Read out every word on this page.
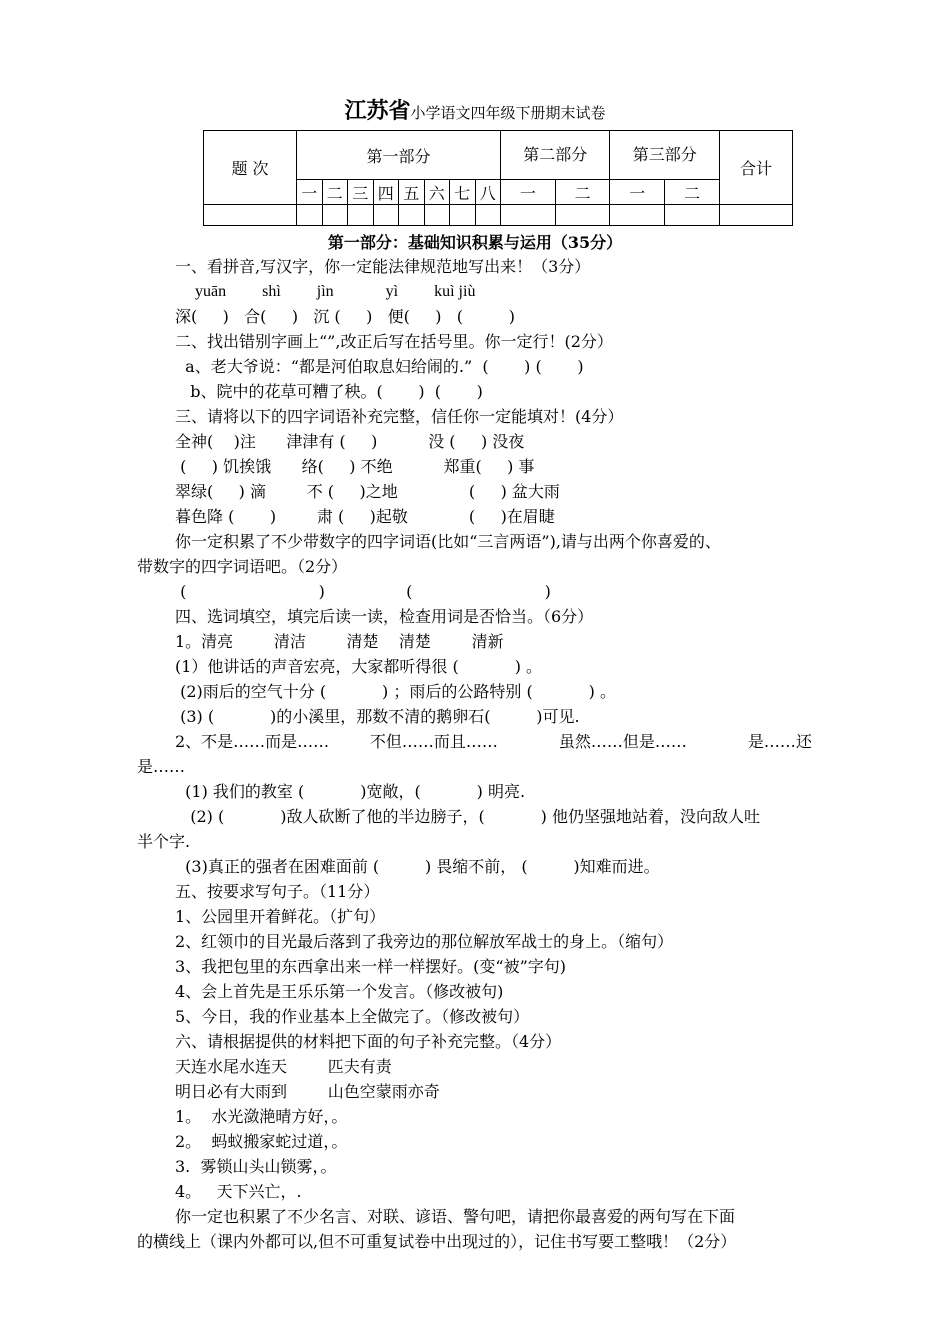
江苏省小学语文四年级下册期末试卷
题 次	第一部分								第二部分		第三部分		合计
	一	二	三	四	五	六	七	八	一	二	一	二	

第一部分：基础知识积累与运用（35分）
一、看拼音,写汉字，你一定能法律规范地写出来！（3分）
yuān         shì         jìn             yì         kuì jiù
深(     )   合(     )   沉 (     )   便(     )   (         )
二、找出错别字画上“”,改正后写在括号里。你一定行！(2分）
a、老大爷说：“都是河伯取息妇给闹的.”  (       ) (       )
b、院中的花草可糟了秧。(       )  (       )
三、请将以下的四字词语补充完整，信任你一定能填对！(4分）
全神(    )注      津津有 (     )          没 (     ) 没夜
(     ) 饥挨饿      络(     ) 不绝          郑重(     ) 事
翠绿(     ) 滴        不 (     )之地              (     ) 盆大雨
暮色降 (       )        肃 (     )起敬            (     )在眉睫
你一定积累了不少带数字的四字词语(比如“三言两语”),请与出两个你喜爱的、
带数字的四字词语吧。（2分）
(                          )                (                          )
四、选词填空，填完后读一读，检查用词是否恰当。（6分）
1。清亮        清洁        清楚    清楚        清新
(1）他讲话的声音宏亮，大家都听得很 (           ) 。
(2)雨后的空气十分 (           ) ；雨后的公路特别 (           ) 。
(3) (           )的小溪里，那数不清的鹅卵石(         )可见.
2、不是……而是……        不但……而且……            虽然……但是……            是……还
是……
(1) 我们的教室 (           )宽敞，(           ) 明亮.
(2) (           )敌人砍断了他的半边膀子，(           ) 他仍坚强地站着，没向敌人吐
半个字.
(3)真正的强者在困难面前 (         ) 畏缩不前， (         )知难而进。
五、按要求写句子。（11分）
1、公园里开着鲜花。（扩句）
2、红领巾的目光最后落到了我旁边的那位解放军战士的身上。（缩句）
3、我把包里的东西拿出来一样一样摆好。(变“被”字句)
4、会上首先是王乐乐第一个发言。（修改被句)
5、今日，我的作业基本上全做完了。（修改被句）
六、请根据提供的材料把下面的句子补充完整。（4分）
天连水尾水连天        匹夫有责
明日必有大雨到        山色空蒙雨亦奇
1。  水光潋滟晴方好，。
2。  蚂蚁搬家蛇过道，。
3.  雾锁山头山锁雾，。
4。   天下兴亡，.
你一定也积累了不少名言、对联、谚语、警句吧，请把你最喜爱的两句写在下面
的横线上（课内外都可以,但不可重复试卷中出现过的），记住书写要工整哦！（2分）
